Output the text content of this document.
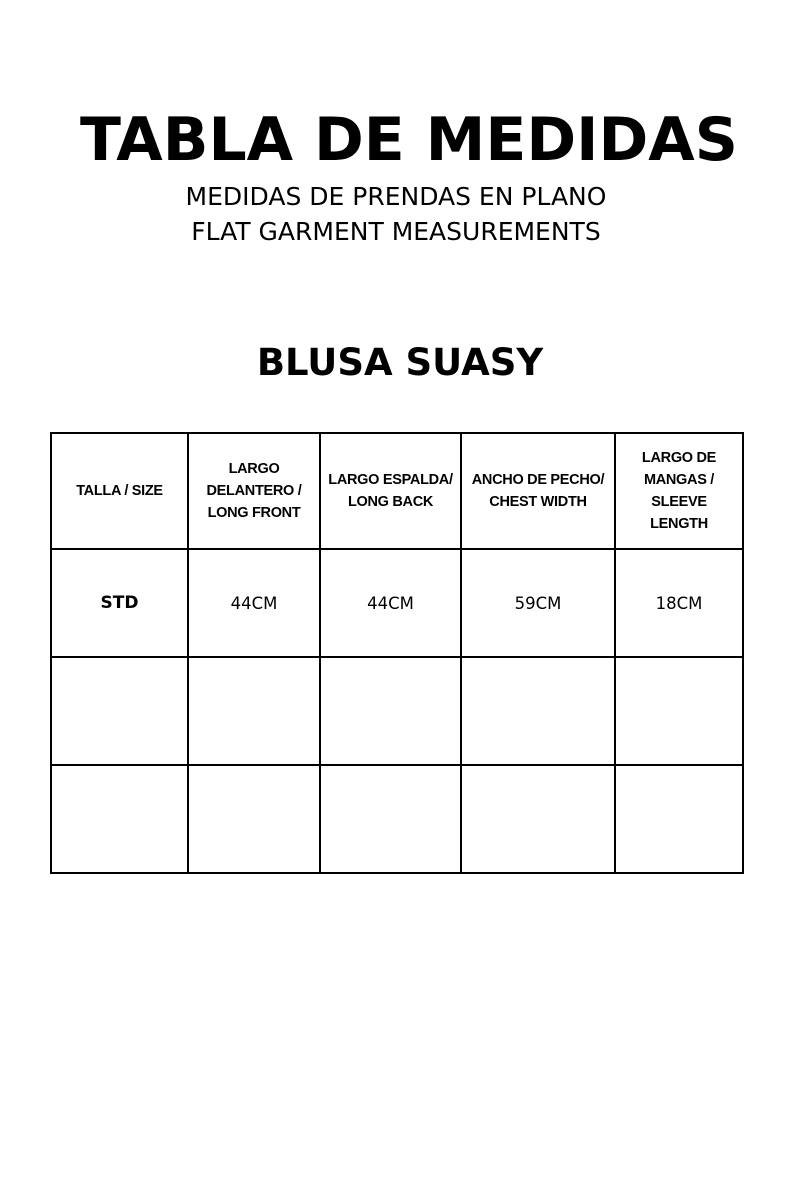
TABLA DE MEDIDAS
MEDIDAS DE PRENDAS EN PLANO
FLAT GARMENT MEASUREMENTS
BLUSA SUASY
TALLA / SIZE	LARGO DELANTERO / LONG FRONT	LARGO ESPALDA/ LONG BACK	ANCHO DE PECHO/ CHEST WIDTH	LARGO DE MANGAS / SLEEVE LENGTH
STD	44CM	44CM	59CM	18CM
